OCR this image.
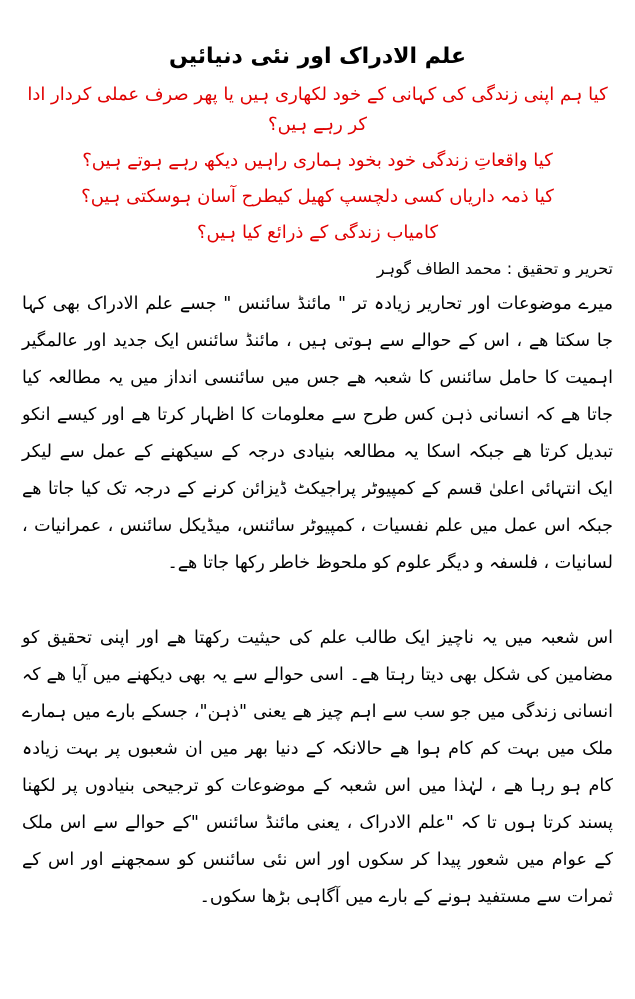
علم الادراک اور نئی دنیائیں
کیا ہم اپنی زندگی کی کہانی کے خود لکھاری ہیں یا پھر صرف عملی کردار ادا کر رہے ہیں؟
کیا واقعاتِ زندگی خود بخود ہماری راہیں دیکھ رہے ہوتے ہیں؟
کیا ذمہ داریاں کسی دلچسپ کھیل کیطرح آسان ہوسکتی ہیں؟
کامیاب زندگی کے ذرائع کیا ہیں؟

تحریر و تحقیق : محمد الطاف گوہر

میرے موضوعات اور تحاریر زیادہ تر " مائنڈ سائنس " جسے علم الادراک بھی کہا جا سکتا ھے ، اس کے حوالے سے ہوتی ہیں ، مائنڈ سائنس ایک جدید اور عالمگیر اہمیت کا حامل سائنس کا شعبہ ھے جس میں سائنسی انداز میں یہ مطالعہ کیا جاتا ھے کہ انسانی ذہن کس طرح سے معلومات کا اظہار کرتا ھے اور کیسے انکو تبدیل کرتا ھے جبکہ اسکا یہ مطالعہ بنیادی درجہ کے سیکھنے کے عمل سے لیکر ایک انتہائی اعلیٰ قسم کے کمپیوٹر پراجیکٹ ڈیزائن کرنے کے درجہ تک کیا جاتا ھے جبکہ اس عمل میں علم نفسیات ، کمپیوٹر سائنس، میڈیکل سائنس ، عمرانیات ، لسانیات ، فلسفہ و دیگر علوم کو ملحوظ خاطر رکھا جاتا ھے۔

اس شعبہ میں یہ ناچیز ایک طالب علم کی حیثیت رکھتا ھے اور اپنی تحقیق کو مضامین کی شکل بھی دیتا رہتا ھے۔ اسی حوالے سے یہ بھی دیکھنے میں آیا ھے کہ انسانی زندگی میں جو سب سے اہم چیز ھے یعنی "ذہن"، جسکے بارے میں ہمارے ملک میں بہت کم کام ہوا ھے حالانکہ کے دنیا بھر میں ان شعبوں پر بہت زیادہ کام ہو رہا ھے ، لہٰذا میں اس شعبہ کے موضوعات کو ترجیحی بنیادوں پر لکھنا پسند کرتا ہوں تا کہ "علم الادراک ، یعنی مائنڈ سائنس "کے حوالے سے اس ملک کے عوام میں شعور پیدا کر سکوں اور اس نئی سائنس کو سمجھنے اور اس کے ثمرات سے مستفید ہونے کے بارے میں آگاہی بڑھا سکوں۔
